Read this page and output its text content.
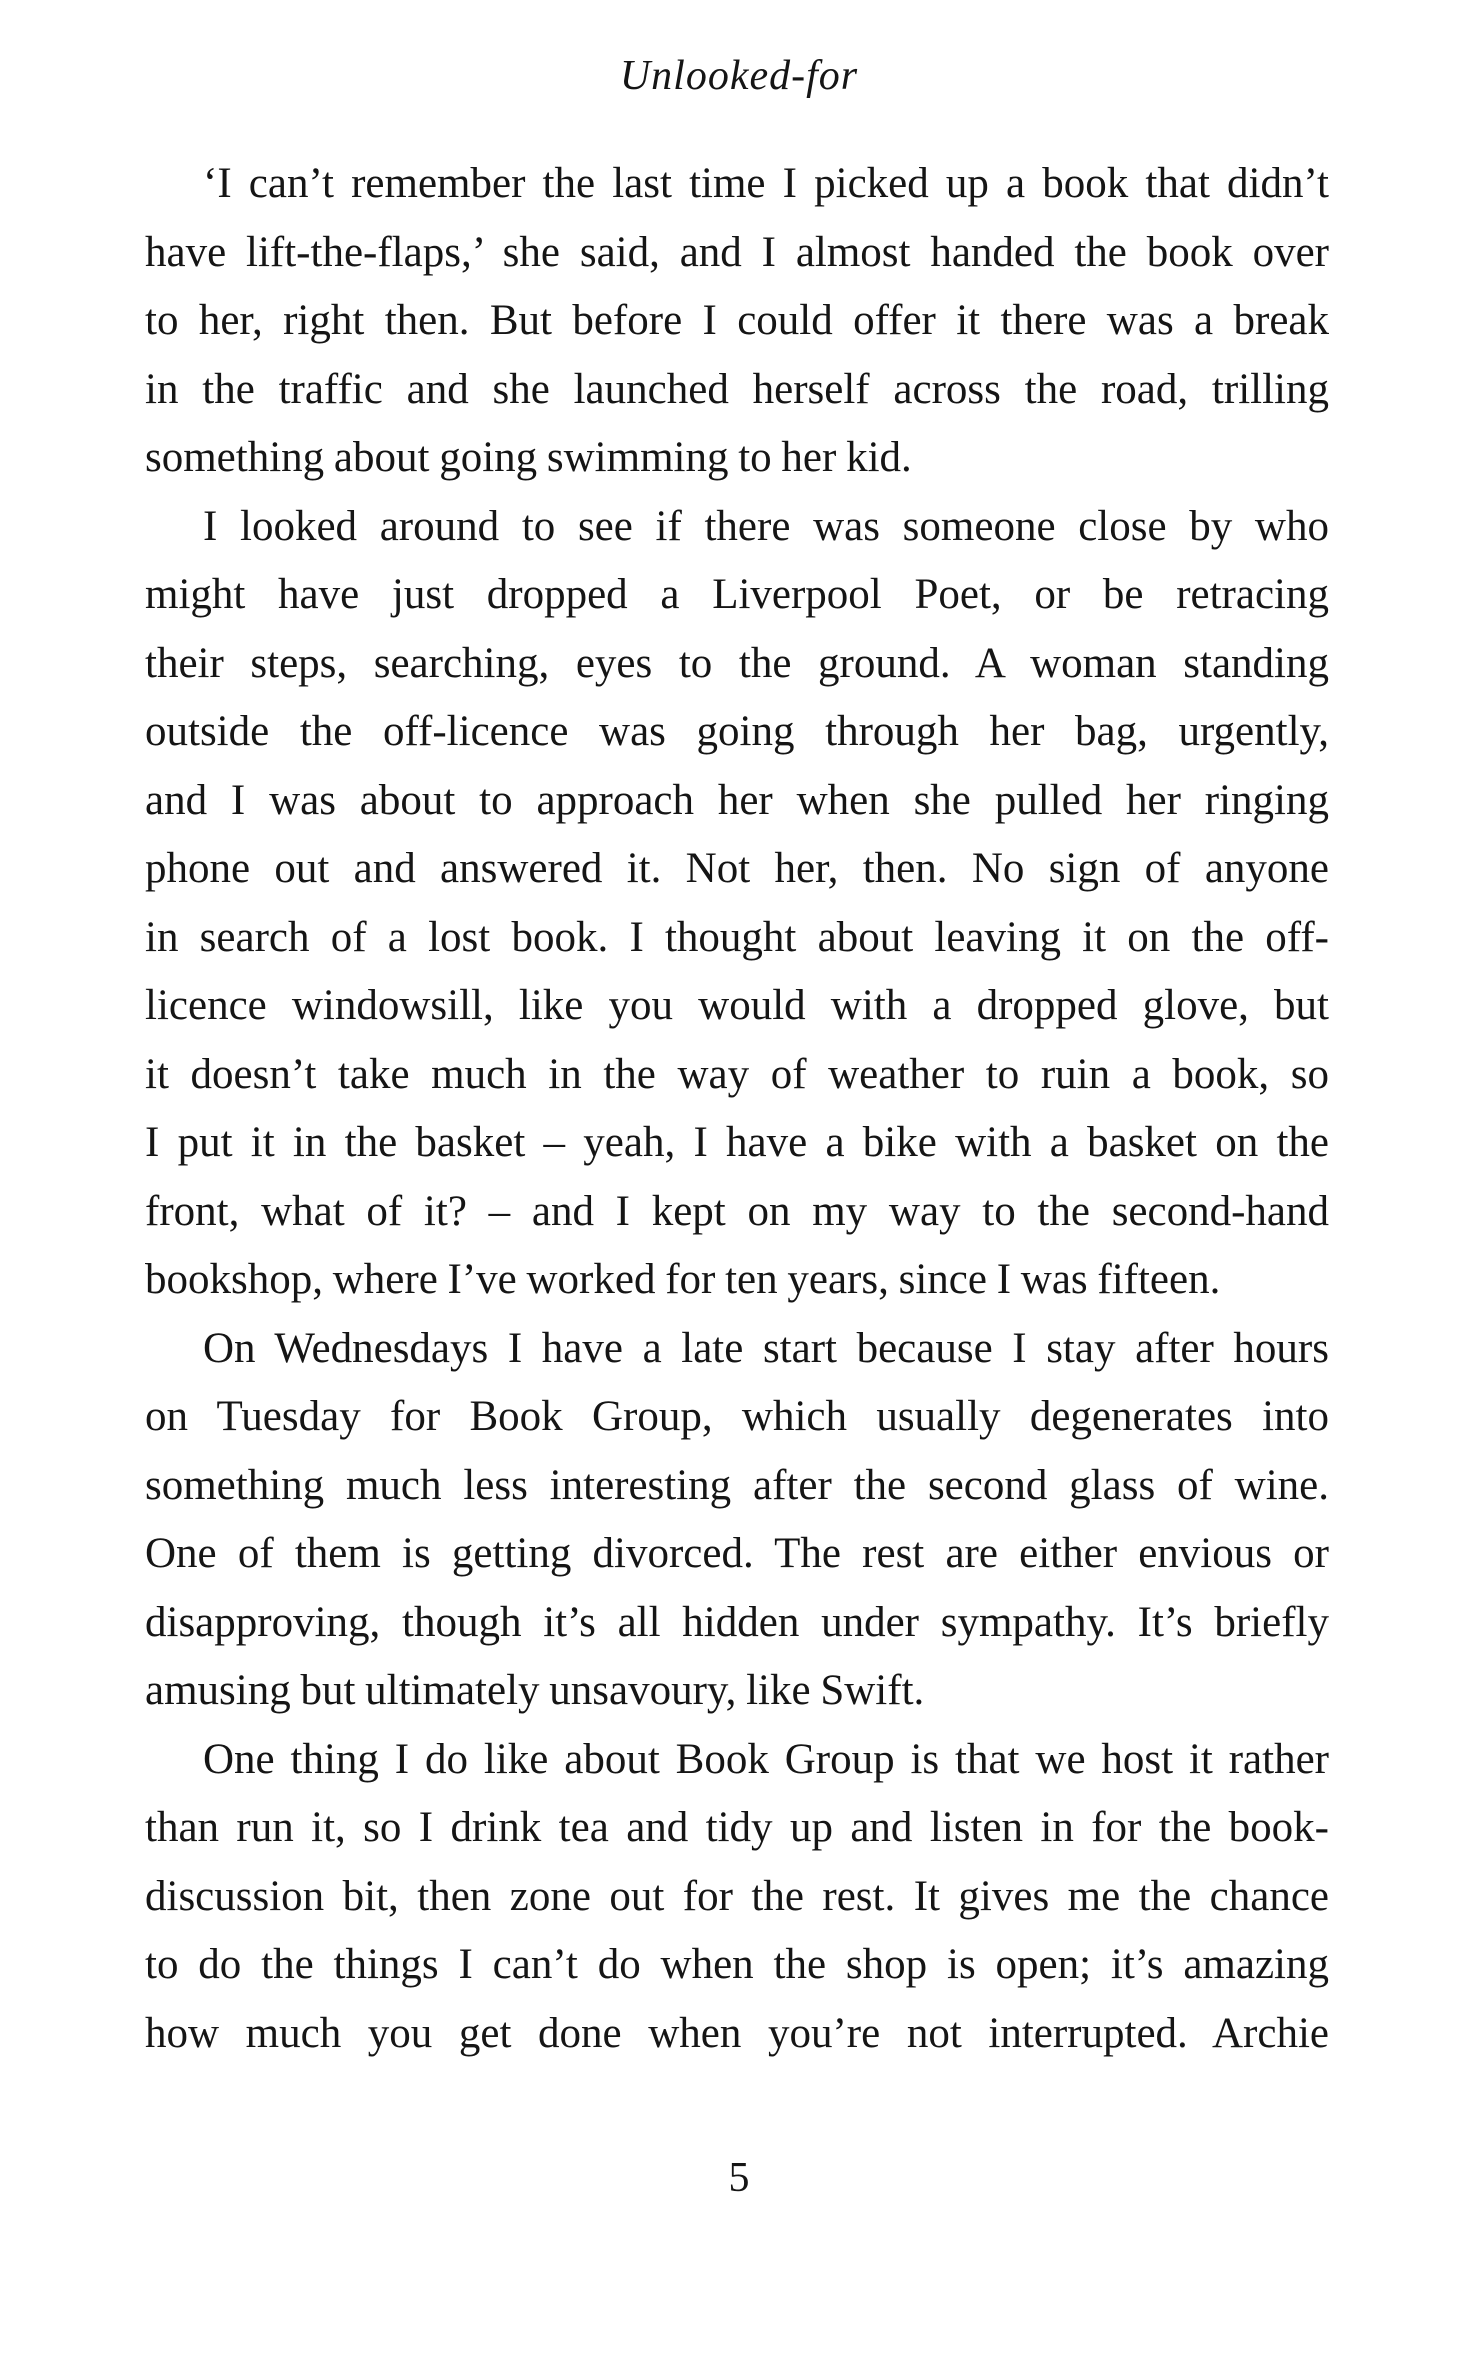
Unlooked-for

‘I can’t remember the last time I picked up a book that didn’t
have lift-the-flaps,’ she said, and I almost handed the book over
to her, right then. But before I could offer it there was a break
in the traffic and she launched herself across the road, trilling
something about going swimming to her kid.
I looked around to see if there was someone close by who
might have just dropped a Liverpool Poet, or be retracing
their steps, searching, eyes to the ground. A woman standing
outside the off-licence was going through her bag, urgently,
and I was about to approach her when she pulled her ringing
phone out and answered it. Not her, then. No sign of anyone
in search of a lost book. I thought about leaving it on the off-
licence windowsill, like you would with a dropped glove, but
it doesn’t take much in the way of weather to ruin a book, so
I put it in the basket – yeah, I have a bike with a basket on the
front, what of it? – and I kept on my way to the second-hand
bookshop, where I’ve worked for ten years, since I was fifteen.
On Wednesdays I have a late start because I stay after hours
on Tuesday for Book Group, which usually degenerates into
something much less interesting after the second glass of wine.
One of them is getting divorced. The rest are either envious or
disapproving, though it’s all hidden under sympathy. It’s briefly
amusing but ultimately unsavoury, like Swift.
One thing I do like about Book Group is that we host it rather
than run it, so I drink tea and tidy up and listen in for the book-
discussion bit, then zone out for the rest. It gives me the chance
to do the things I can’t do when the shop is open; it’s amazing
how much you get done when you’re not interrupted. Archie

5
